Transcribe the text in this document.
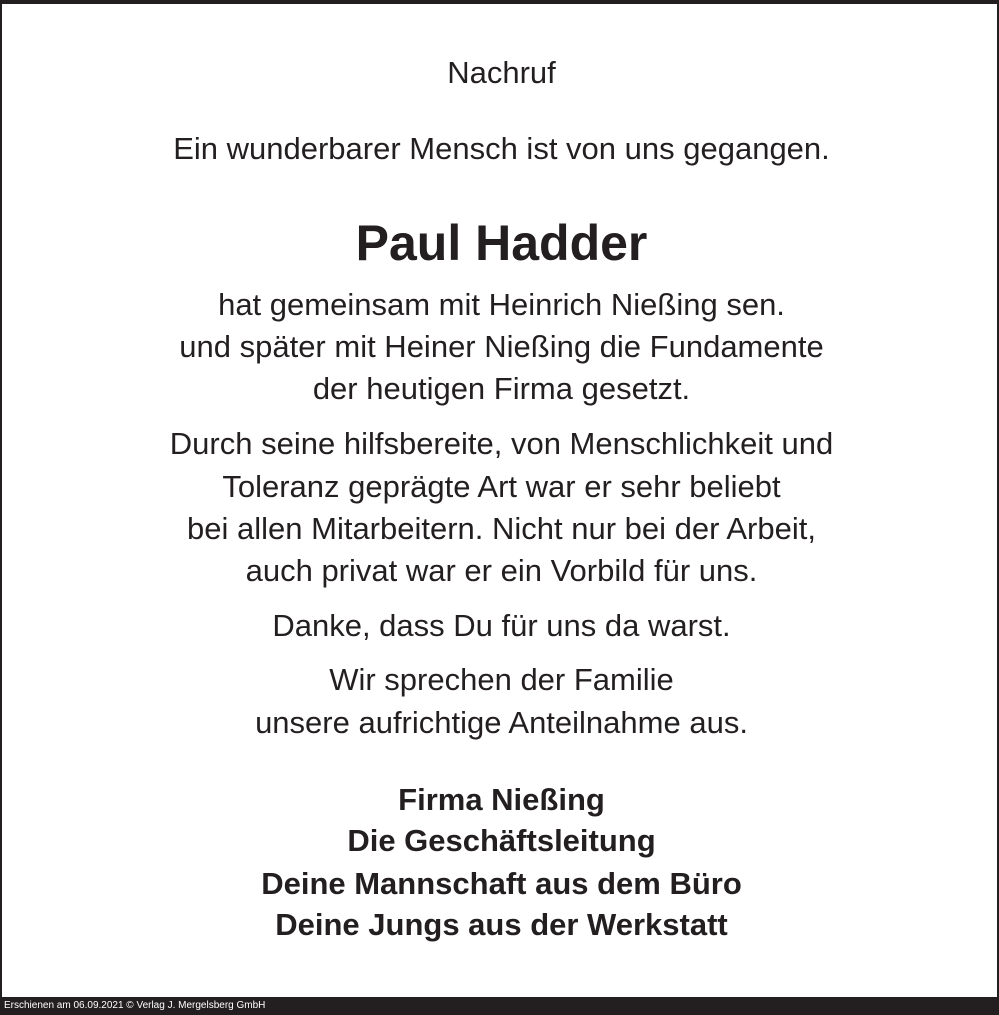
Nachruf
Ein wunderbarer Mensch ist von uns gegangen.
Paul Hadder
hat gemeinsam mit Heinrich Nießing sen.
und später mit Heiner Nießing die Fundamente
der heutigen Firma gesetzt.
Durch seine hilfsbereite, von Menschlichkeit und
Toleranz geprägte Art war er sehr beliebt
bei allen Mitarbeitern. Nicht nur bei der Arbeit,
auch privat war er ein Vorbild für uns.
Danke, dass Du für uns da warst.
Wir sprechen der Familie
unsere aufrichtige Anteilnahme aus.
Firma Nießing
Die Geschäftsleitung
Deine Mannschaft aus dem Büro
Deine Jungs aus der Werkstatt
Erschienen am 06.09.2021 © Verlag J. Mergelsberg GmbH
